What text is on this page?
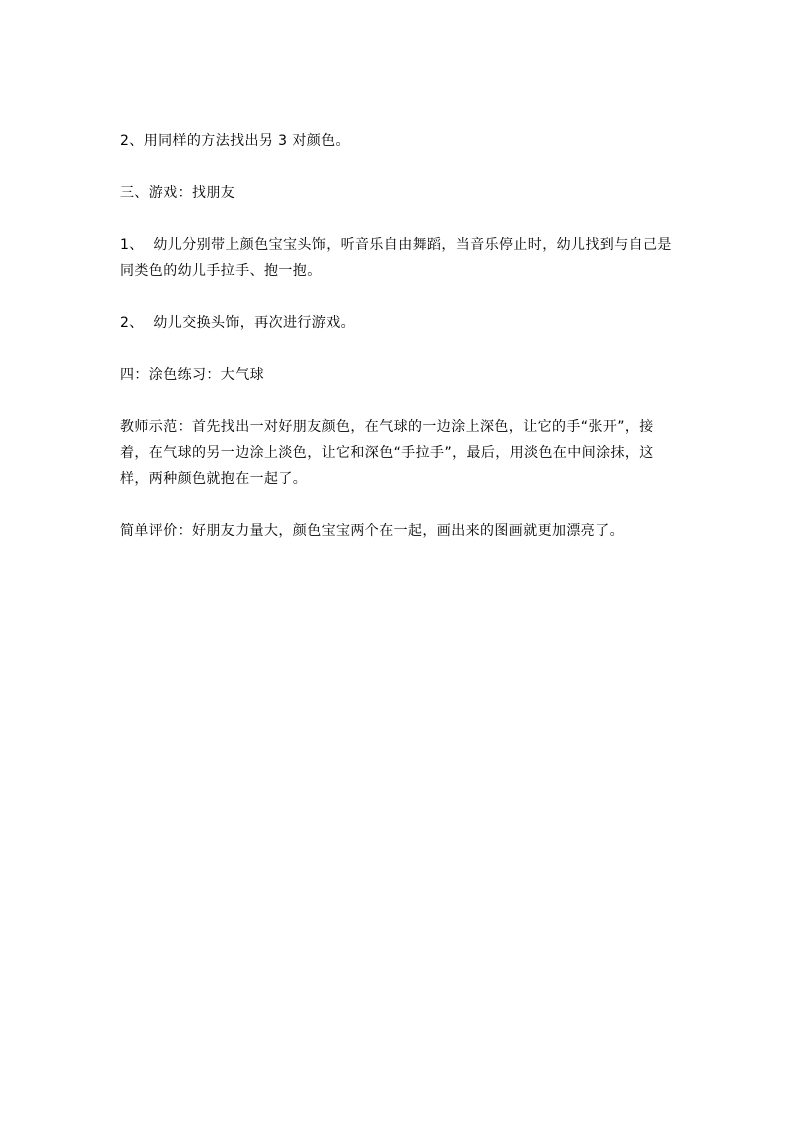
2、用同样的方法找出另 3 对颜色。

三、游戏：找朋友

1、  幼儿分别带上颜色宝宝头饰，听音乐自由舞蹈，当音乐停止时，幼儿找到与自己是同类色的幼儿手拉手、抱一抱。

2、  幼儿交换头饰，再次进行游戏。

四：涂色练习：大气球

教师示范：首先找出一对好朋友颜色，在气球的一边涂上深色，让它的手“张开”，接着，在气球的另一边涂上淡色，让它和深色“手拉手”，最后，用淡色在中间涂抹，这样，两种颜色就抱在一起了。

简单评价：好朋友力量大，颜色宝宝两个在一起，画出来的图画就更加漂亮了。
